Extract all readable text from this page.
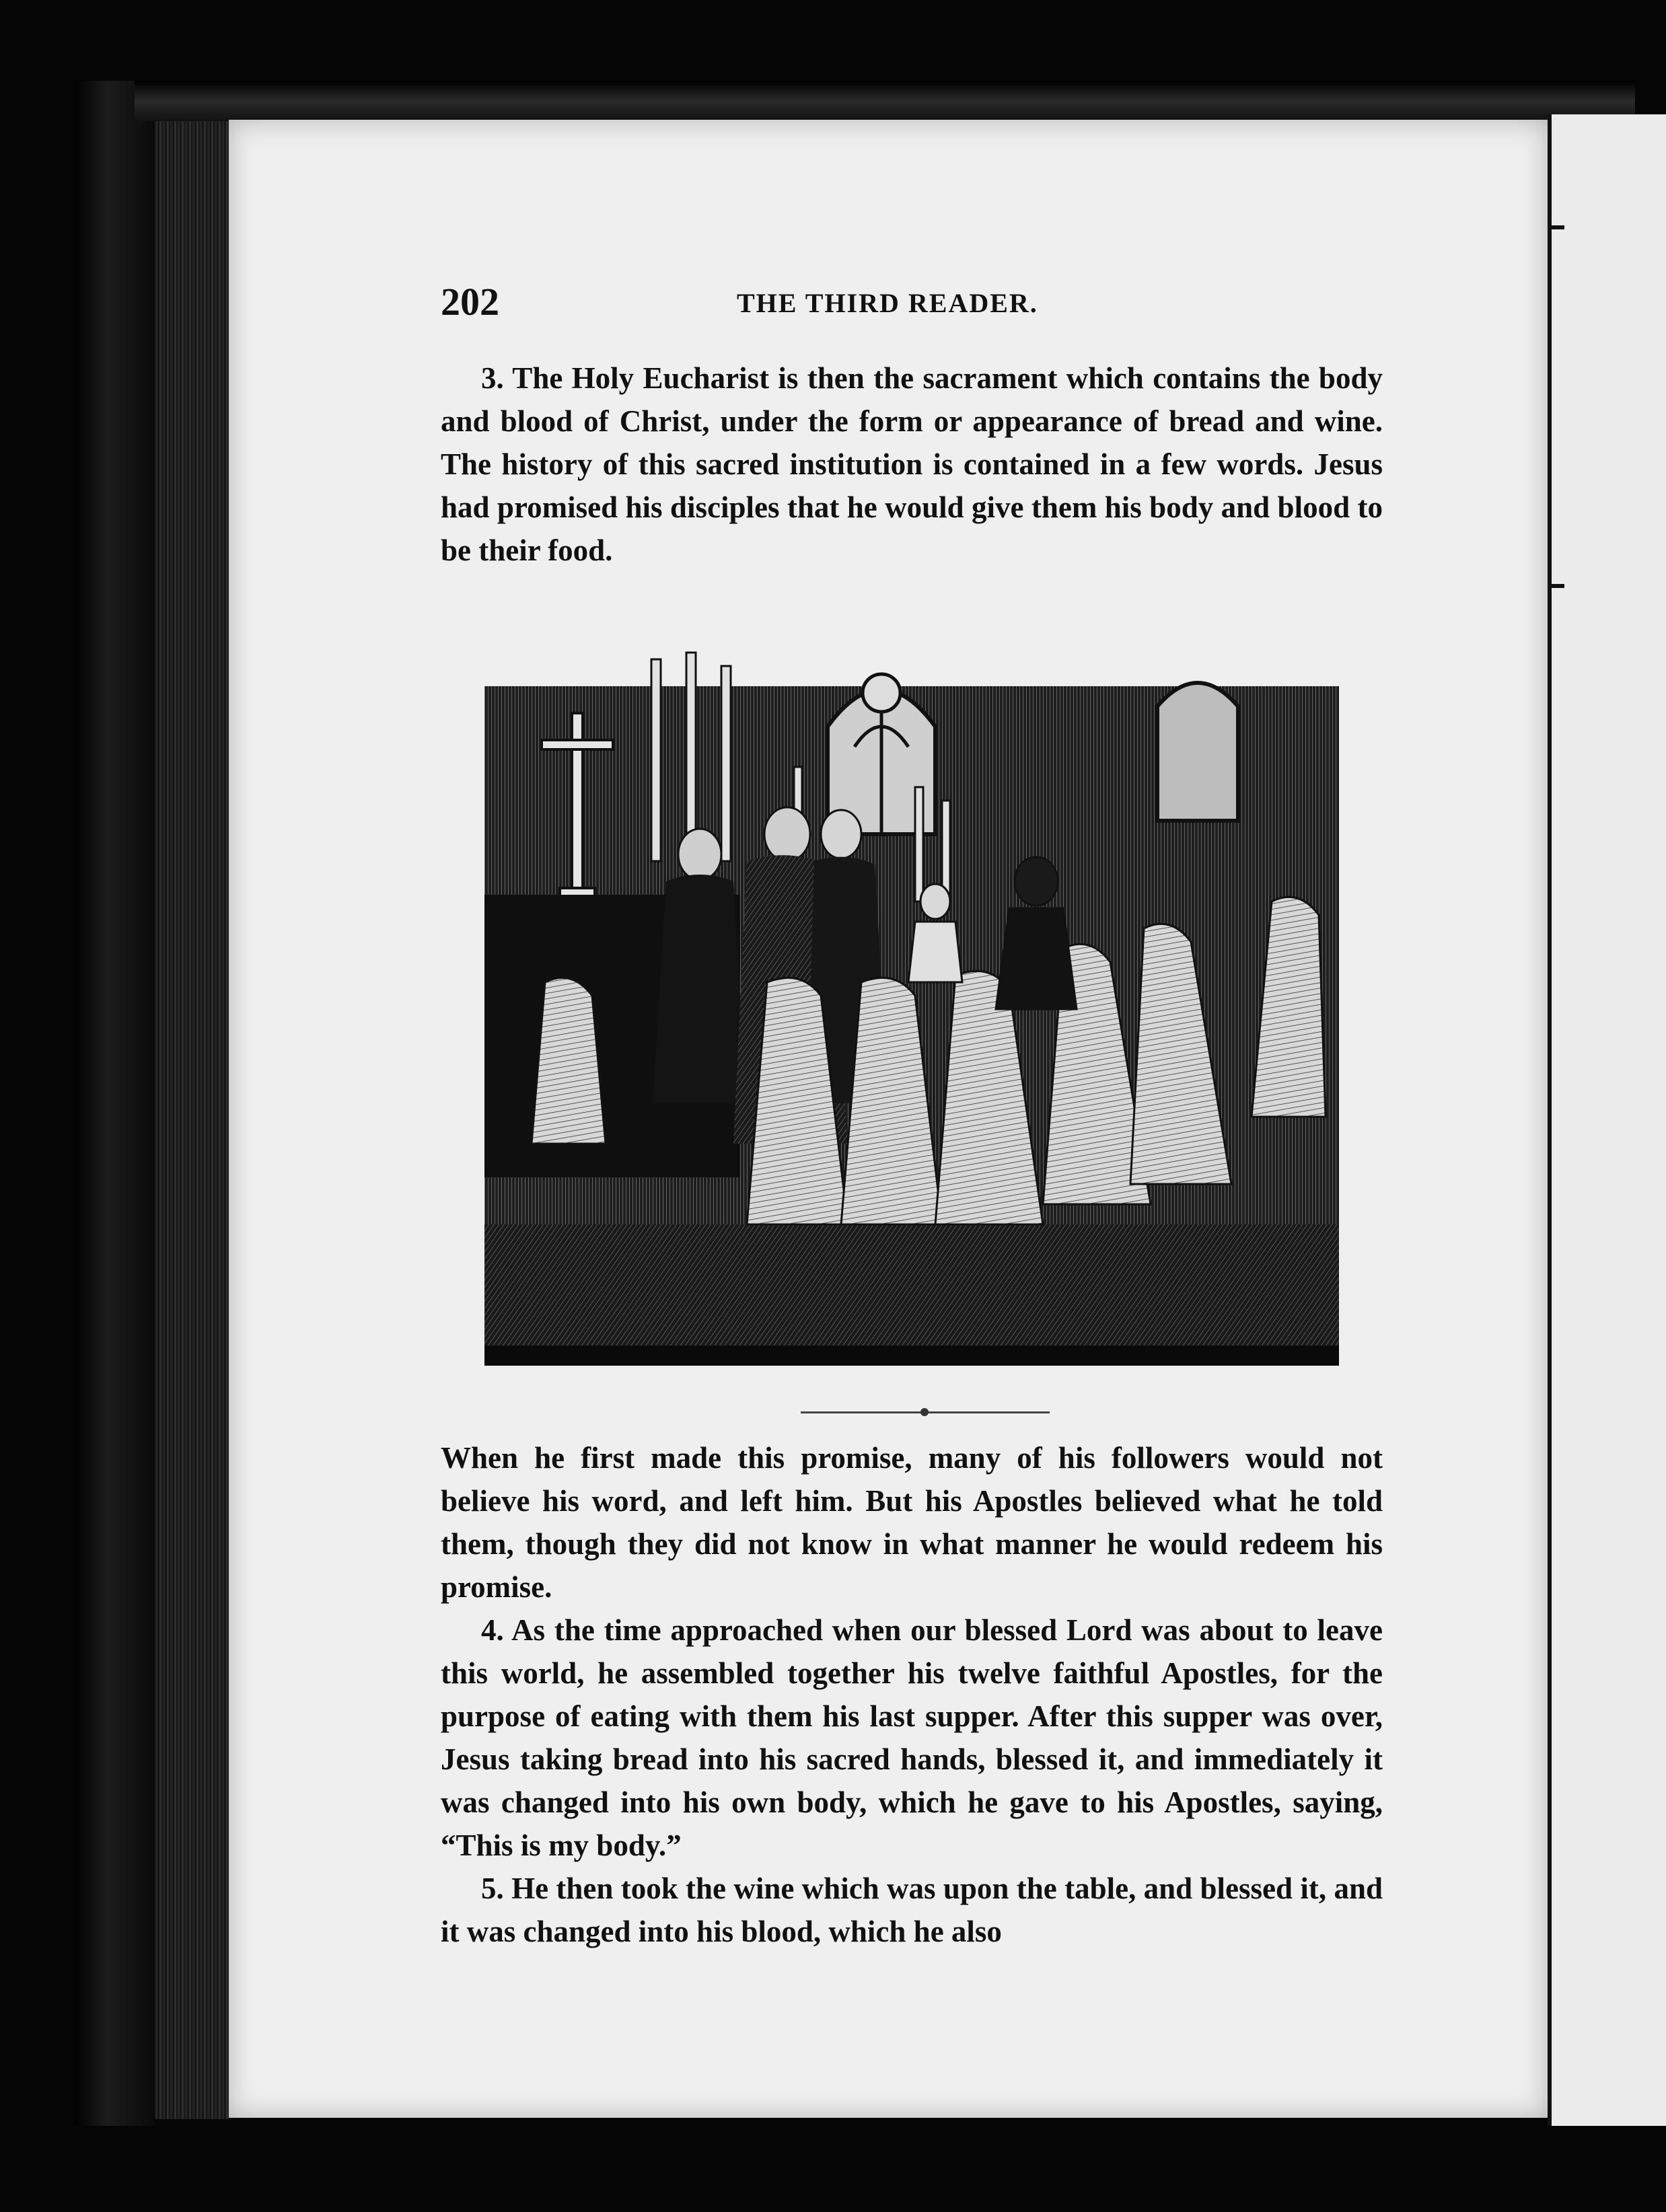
202	THE THIRD READER.

3. The Holy Eucharist is then the sacrament which contains the body and blood of Christ, under the form or appearance of bread and wine. The history of this sacred institution is contained in a few words. Jesus had promised his disciples that he would give them his body and blood to be their food.

When he first made this promise, many of his followers would not believe his word, and left him. But his Apostles believed what he told them, though they did not know in what manner he would redeem his promise.

4. As the time approached when our blessed Lord was about to leave this world, he assembled together his twelve faithful Apostles, for the purpose of eating with them his last supper. After this supper was over, Jesus taking bread into his sacred hands, blessed it, and immediately it was changed into his own body, which he gave to his Apostles, saying, “This is my body.”

5. He then took the wine which was upon the table, and blessed it, and it was changed into his blood, which he also
